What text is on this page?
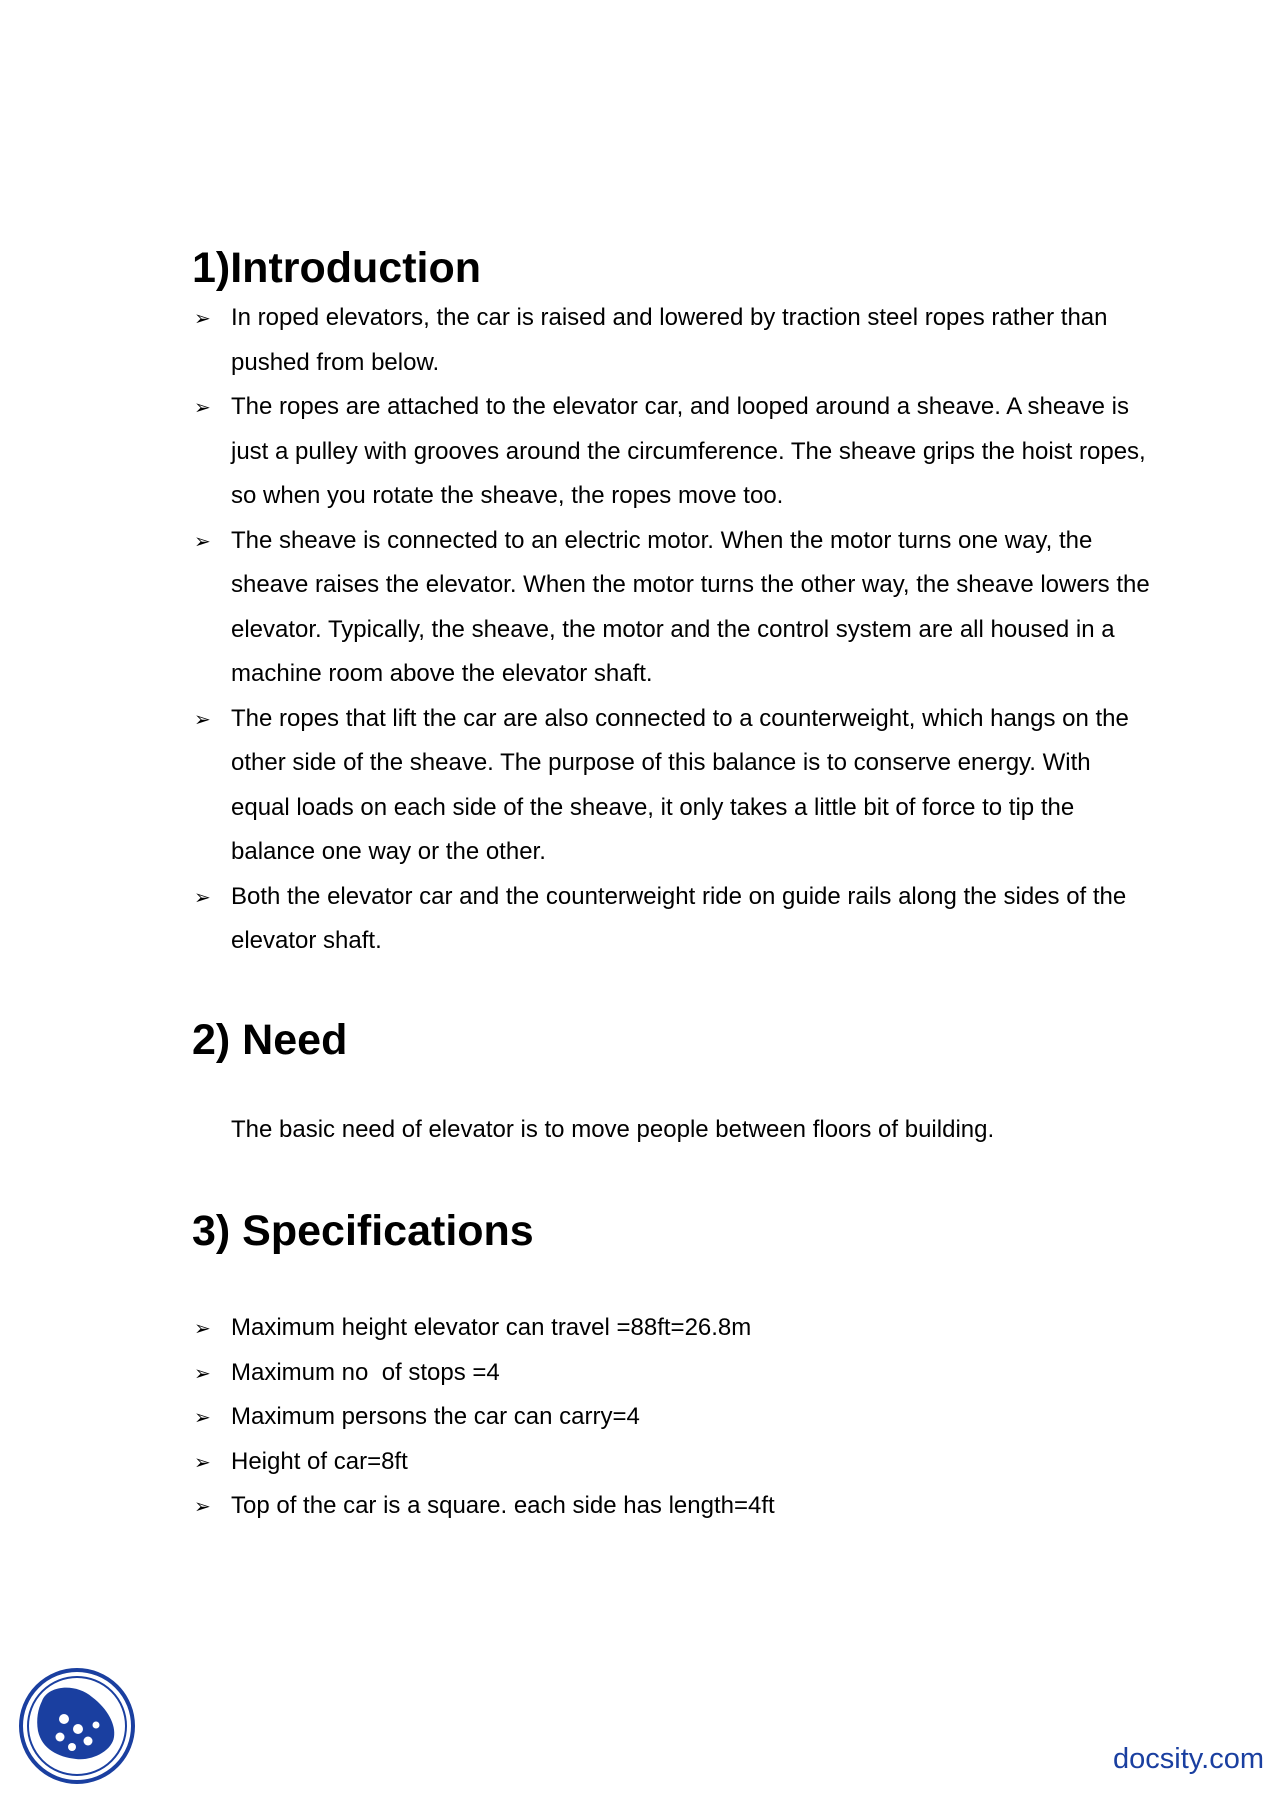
1)Introduction
➢ In roped elevators, the car is raised and lowered by traction steel ropes rather than pushed from below.
➢ The ropes are attached to the elevator car, and looped around a sheave. A sheave is just a pulley with grooves around the circumference. The sheave grips the hoist ropes, so when you rotate the sheave, the ropes move too.
➢ The sheave is connected to an electric motor. When the motor turns one way, the sheave raises the elevator. When the motor turns the other way, the sheave lowers the elevator. Typically, the sheave, the motor and the control system are all housed in a machine room above the elevator shaft.
➢ The ropes that lift the car are also connected to a counterweight, which hangs on the other side of the sheave. The purpose of this balance is to conserve energy. With equal loads on each side of the sheave, it only takes a little bit of force to tip the balance one way or the other.
➢ Both the elevator car and the counterweight ride on guide rails along the sides of the elevator shaft.
2) Need

The basic need of elevator is to move people between floors of building.

3) Specifications
➢ Maximum height elevator can travel =88ft=26.8m
➢ Maximum no  of stops =4
➢ Maximum persons the car can carry=4
➢ Height of car=8ft
➢ Top of the car is a square. each side has length=4ft
docsity.com
